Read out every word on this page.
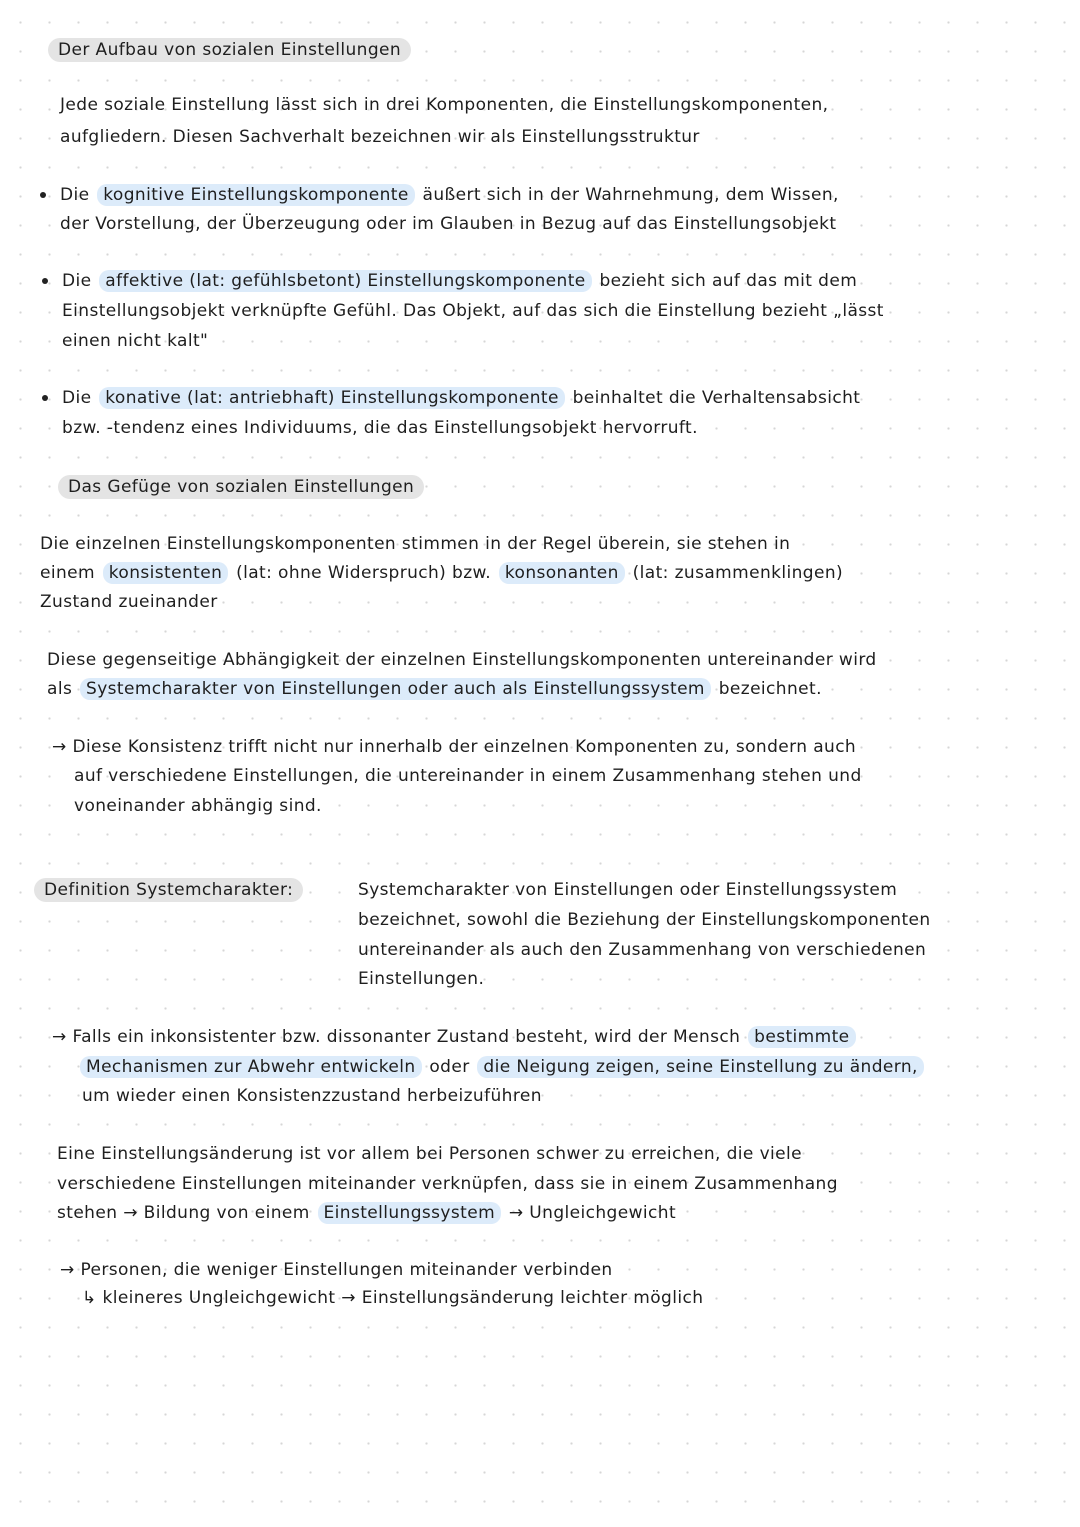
Der Aufbau von sozialen Einstellungen
Jede soziale Einstellung lässt sich in drei Komponenten, die Einstellungskomponenten,
aufgliedern. Diesen Sachverhalt bezeichnen wir als Einstellungsstruktur
Die kognitive Einstellungskomponente äußert sich in der Wahrnehmung, dem Wissen,
der Vorstellung, der Überzeugung oder im Glauben in Bezug auf das Einstellungsobjekt
Die affektive (lat: gefühlsbetont) Einstellungskomponente bezieht sich auf das mit dem
Einstellungsobjekt verknüpfte Gefühl. Das Objekt, auf das sich die Einstellung bezieht „lässt
einen nicht kalt"
Die konative (lat: antriebhaft) Einstellungskomponente beinhaltet die Verhaltensabsicht
bzw. -tendenz eines Individuums, die das Einstellungsobjekt hervorruft.
Das Gefüge von sozialen Einstellungen
Die einzelnen Einstellungskomponenten stimmen in der Regel überein, sie stehen in
einem konsistenten (lat: ohne Widerspruch) bzw. konsonanten (lat: zusammenklingen)
Zustand zueinander
Diese gegenseitige Abhängigkeit der einzelnen Einstellungskomponenten untereinander wird
als Systemcharakter von Einstellungen oder auch als Einstellungssystem bezeichnet.
→ Diese Konsistenz trifft nicht nur innerhalb der einzelnen Komponenten zu, sondern auch
auf verschiedene Einstellungen, die untereinander in einem Zusammenhang stehen und
voneinander abhängig sind.
Definition Systemcharakter:	Systemcharakter von Einstellungen oder Einstellungssystem
bezeichnet, sowohl die Beziehung der Einstellungskomponenten
untereinander als auch den Zusammenhang von verschiedenen
Einstellungen.
→ Falls ein inkonsistenter bzw. dissonanter Zustand besteht, wird der Mensch bestimmte
Mechanismen zur Abwehr entwickeln oder die Neigung zeigen, seine Einstellung zu ändern,
um wieder einen Konsistenzzustand herbeizuführen
Eine Einstellungsänderung ist vor allem bei Personen schwer zu erreichen, die viele
verschiedene Einstellungen miteinander verknüpfen, dass sie in einem Zusammenhang
stehen → Bildung von einem Einstellungssystem → Ungleichgewicht
→ Personen, die weniger Einstellungen miteinander verbinden
↳ kleineres Ungleichgewicht → Einstellungsänderung leichter möglich
